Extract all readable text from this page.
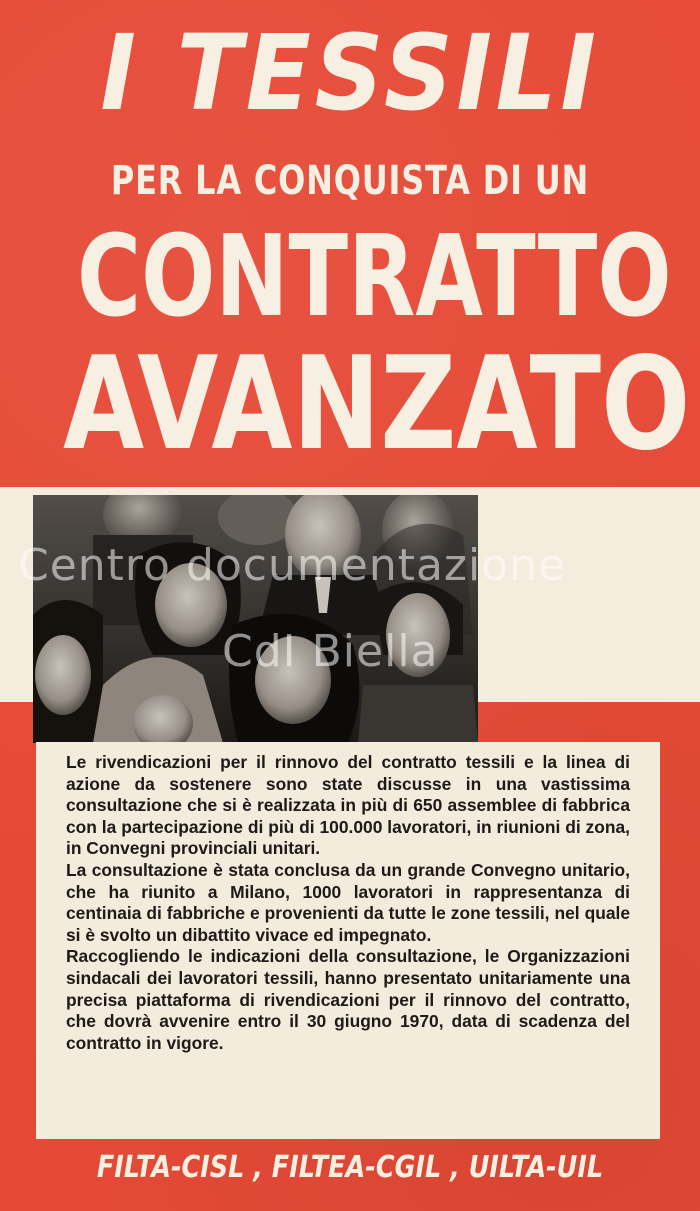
I TESSILI
PER LA CONQUISTA DI UN
CONTRATTO
AVANZATO
Centro documentazione
CdI Biella

Le rivendicazioni per il rinnovo del contratto tessili e la linea di azione da sostenere sono state discusse in una vastissima consultazione che si è realizzata in più di 650 assemblee di fabbrica con la partecipazione di più di 100.000 lavoratori, in riunioni di zona, in Convegni provinciali unitari.

La consultazione è stata conclusa da un grande Convegno unitario, che ha riunito a Milano, 1000 lavoratori in rappresentanza di centinaia di fabbriche e provenienti da tutte le zone tessili, nel quale si è svolto un dibattito vivace ed impegnato.

Raccogliendo le indicazioni della consultazione, le Organizzazioni sindacali dei lavoratori tessili, hanno presentato unitariamente una precisa piattaforma di rivendicazioni per il rinnovo del contratto, che dovrà avvenire entro il 30 giugno 1970, data di scadenza del contratto in vigore.

FILTA-CISL , FILTEA-CGIL , UILTA-UIL
